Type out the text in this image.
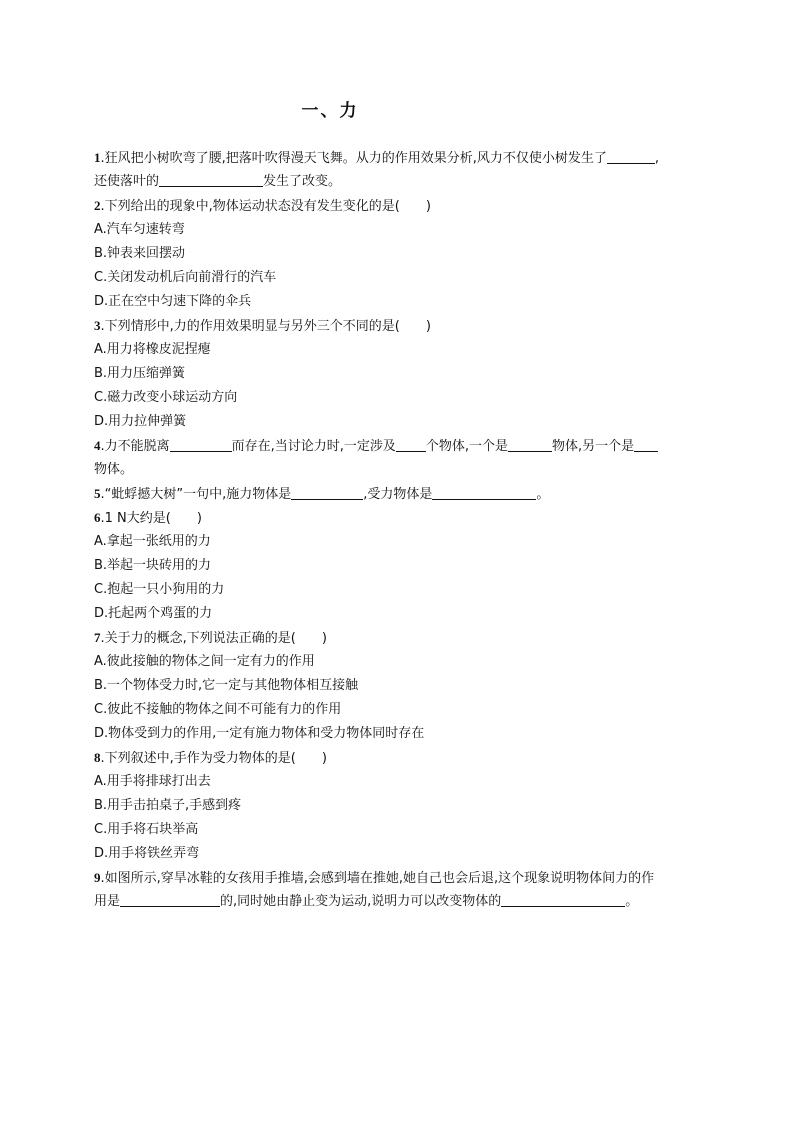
一、力
1.狂风把小树吹弯了腰,把落叶吹得漫天飞舞。从力的作用效果分析,风力不仅使小树发生了	,
还使落叶的	发生了改变。
2.下列给出的现象中,物体运动状态没有发生变化的是(　　)
A.汽车匀速转弯
B.钟表来回摆动
C.关闭发动机后向前滑行的汽车
D.正在空中匀速下降的伞兵
3.下列情形中,力的作用效果明显与另外三个不同的是(　　)
A.用力将橡皮泥捏瘪
B.用力压缩弹簧
C.磁力改变小球运动方向
D.用力拉伸弹簧
4.力不能脱离	而存在,当讨论力时,一定涉及 个物体,一个是	物体,另一个是
物体。
5.“蚍蜉撼大树”一句中,施力物体是	,受力物体是	。
6.1 N大约是(　　)
A.拿起一张纸用的力
B.举起一块砖用的力
C.抱起一只小狗用的力
D.托起两个鸡蛋的力
7.关于力的概念,下列说法正确的是(　　)
A.彼此接触的物体之间一定有力的作用
B.一个物体受力时,它一定与其他物体相互接触
C.彼此不接触的物体之间不可能有力的作用
D.物体受到力的作用,一定有施力物体和受力物体同时存在
8.下列叙述中,手作为受力物体的是(　　)
A.用手将排球打出去
B.用手击拍桌子,手感到疼
C.用手将石块举高
D.用手将铁丝弄弯
9.如图所示,穿旱冰鞋的女孩用手推墙,会感到墙在推她,她自己也会后退,这个现象说明物体间力的作
用是	的,同时她由静止变为运动,说明力可以改变物体的	。
